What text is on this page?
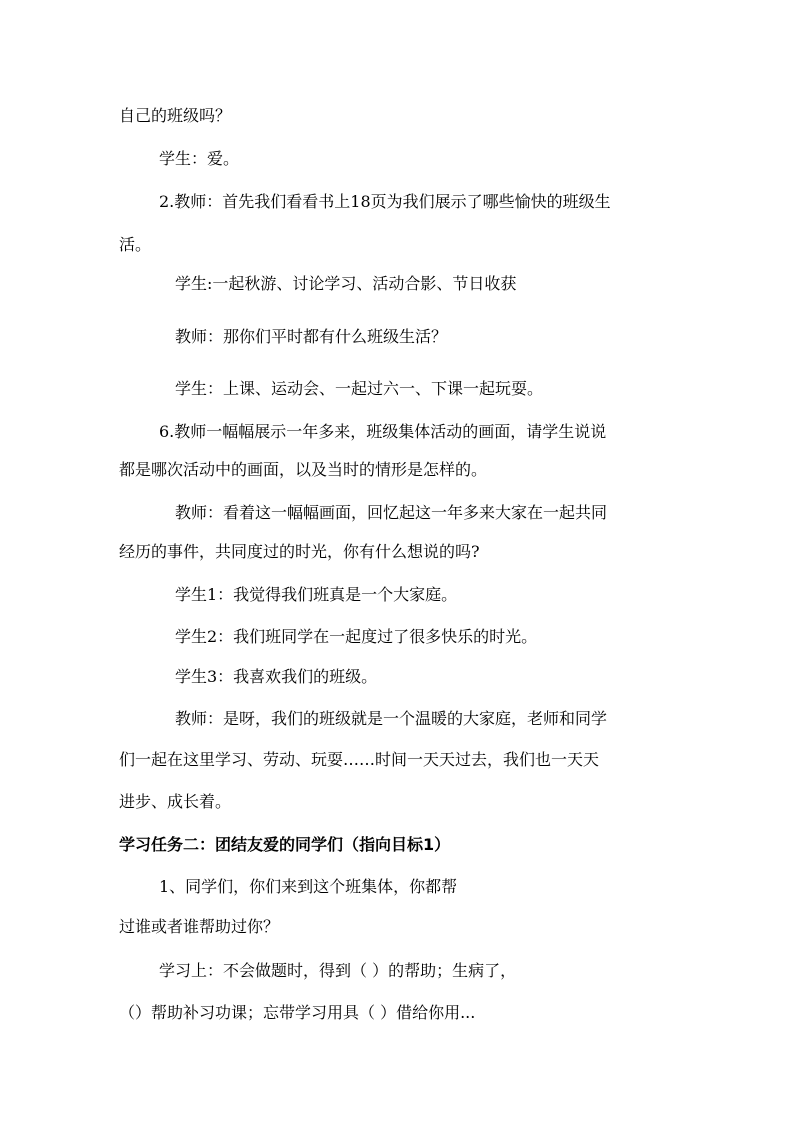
自己的班级吗？
学生：爱。
2.教师：首先我们看看书上18页为我们展示了哪些愉快的班级生
活。
学生:一起秋游、讨论学习、活动合影、节日收获
教师：那你们平时都有什么班级生活？
学生：上课、运动会、一起过六一、下课一起玩耍。
6.教师一幅幅展示一年多来，班级集体活动的画面，请学生说说
都是哪次活动中的画面，以及当时的情形是怎样的。
教师：看着这一幅幅画面，回忆起这一年多来大家在一起共同
经历的事件，共同度过的时光，你有什么想说的吗?
学生1：我觉得我们班真是一个大家庭。
学生2：我们班同学在一起度过了很多快乐的时光。
学生3：我喜欢我们的班级。
教师：是呀，我们的班级就是一个温暖的大家庭，老师和同学
们一起在这里学习、劳动、玩耍……时间一天天过去，我们也一天天
进步、成长着。
学习任务二：团结友爱的同学们（指向目标1）
1、同学们，你们来到这个班集体，你都帮
过谁或者谁帮助过你？
学习上：不会做题时，得到（ ）的帮助；生病了，
（）帮助补习功课；忘带学习用具（ ）借给你用...
